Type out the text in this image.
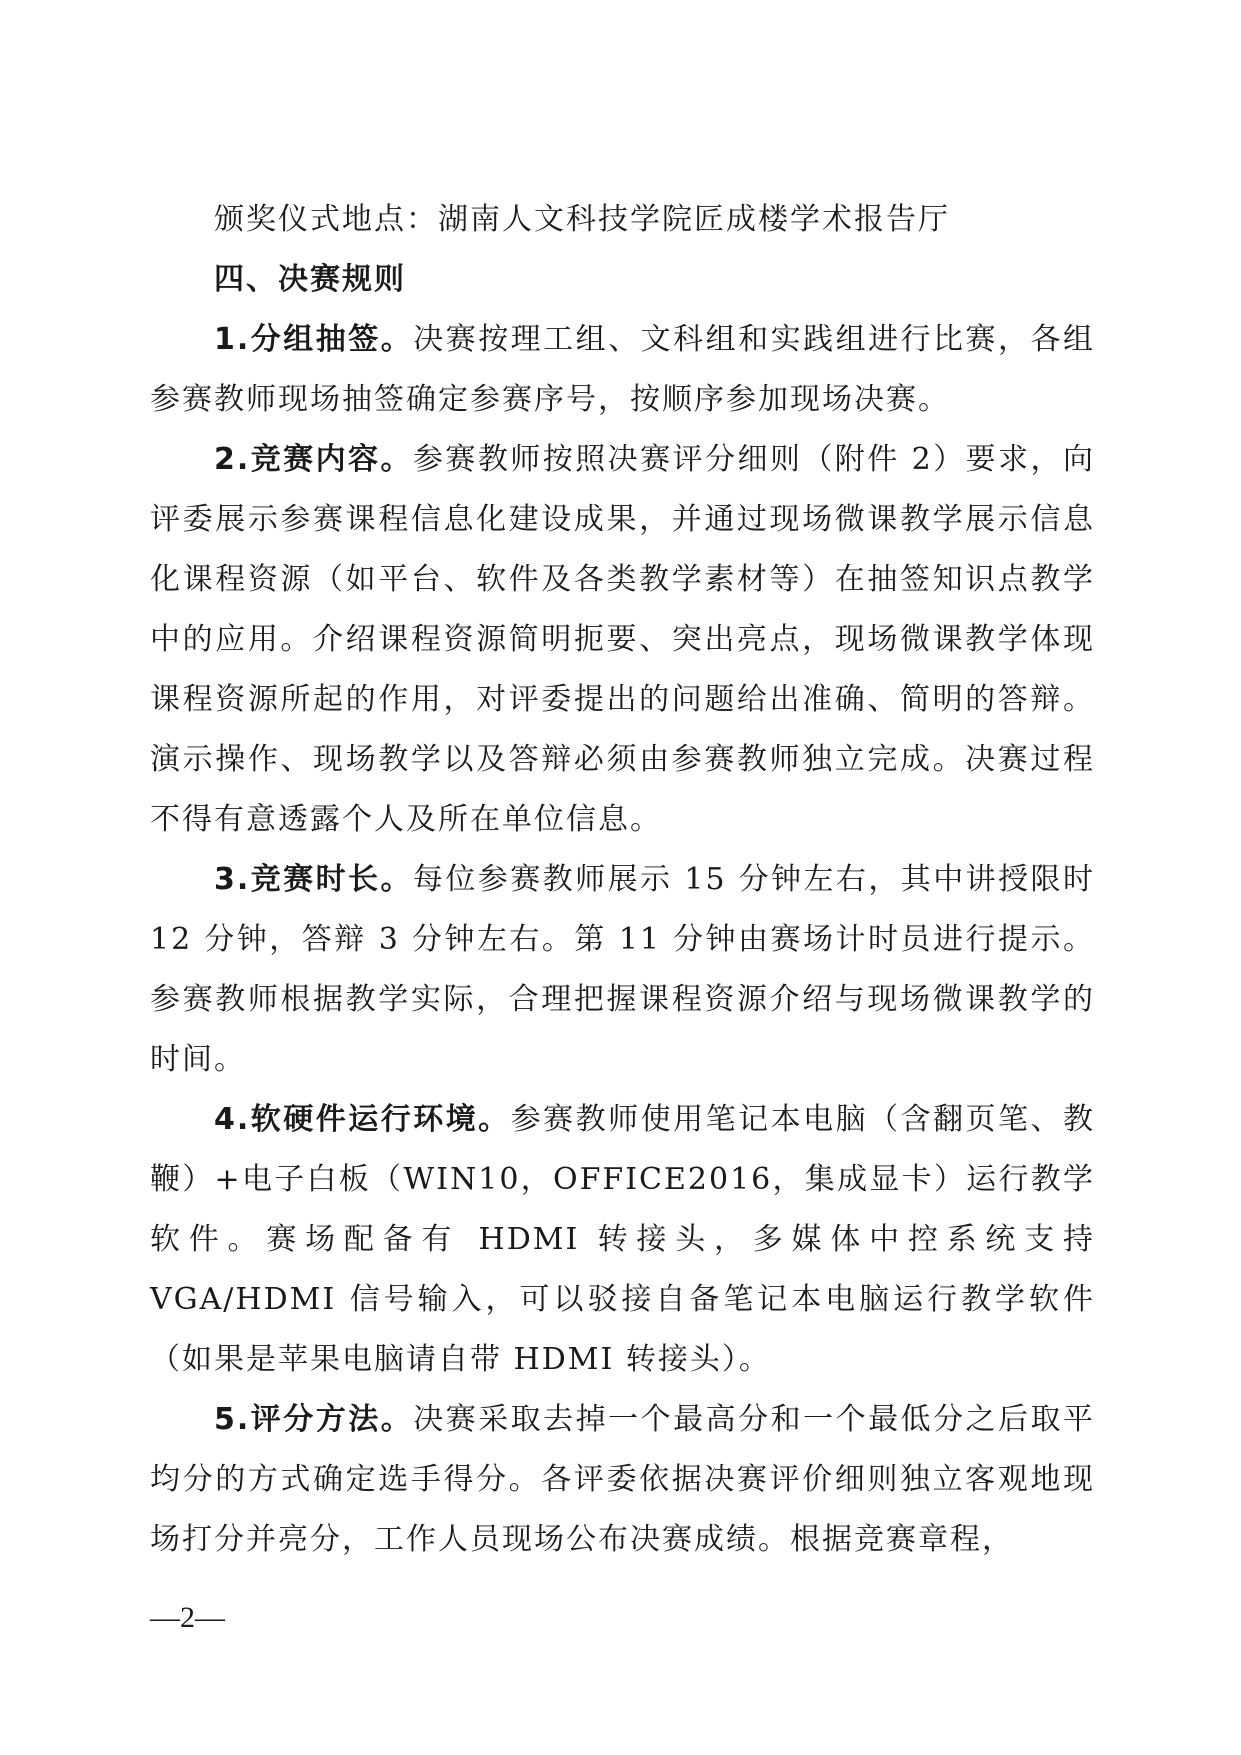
颁奖仪式地点：湖南人文科技学院匠成楼学术报告厅

四、决赛规则

1.分组抽签。决赛按理工组、文科组和实践组进行比赛，各组参赛教师现场抽签确定参赛序号，按顺序参加现场决赛。

2.竞赛内容。参赛教师按照决赛评分细则（附件 2）要求，向评委展示参赛课程信息化建设成果，并通过现场微课教学展示信息化课程资源（如平台、软件及各类教学素材等）在抽签知识点教学中的应用。介绍课程资源简明扼要、突出亮点，现场微课教学体现课程资源所起的作用，对评委提出的问题给出准确、简明的答辩。演示操作、现场教学以及答辩必须由参赛教师独立完成。决赛过程不得有意透露个人及所在单位信息。

3.竞赛时长。每位参赛教师展示 15 分钟左右，其中讲授限时 12 分钟，答辩 3 分钟左右。第 11 分钟由赛场计时员进行提示。参赛教师根据教学实际，合理把握课程资源介绍与现场微课教学的时间。

4.软硬件运行环境。参赛教师使用笔记本电脑（含翻页笔、教鞭）+电子白板（WIN10，OFFICE2016，集成显卡）运行教学软件。赛场配备有 HDMI 转接头，多媒体中控系统支持 VGA/HDMI 信号输入，可以驳接自备笔记本电脑运行教学软件（如果是苹果电脑请自带 HDMI 转接头）。

5.评分方法。决赛采取去掉一个最高分和一个最低分之后取平均分的方式确定选手得分。各评委依据决赛评价细则独立客观地现场打分并亮分，工作人员现场公布决赛成绩。根据竞赛章程，

—2—
